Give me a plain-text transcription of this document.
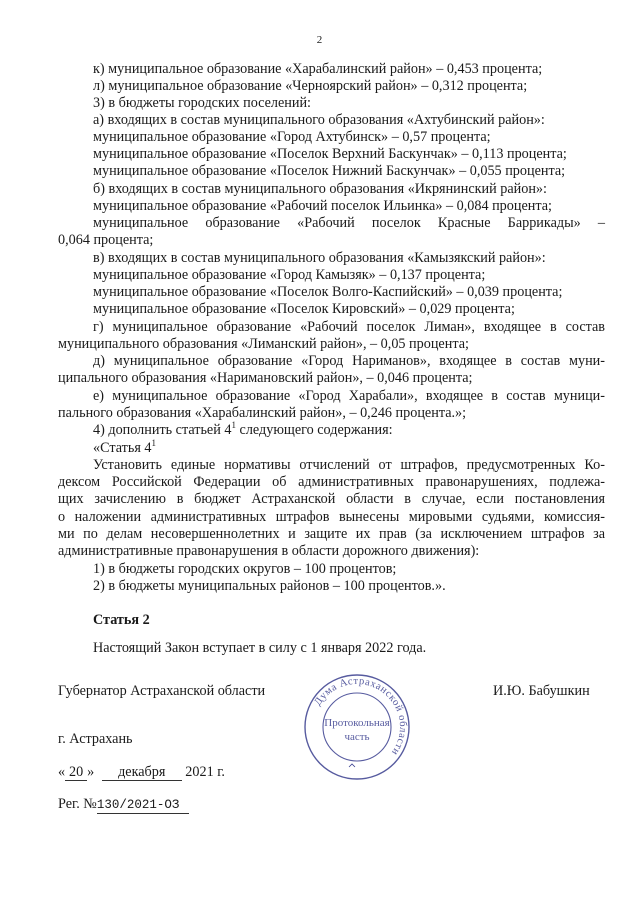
2
к) муниципальное образование «Харабалинский район» – 0,453 процента;
л) муниципальное образование «Черноярский район» – 0,312 процента;
3) в бюджеты городских поселений:
а) входящих в состав муниципального образования «Ахтубинский район»:
муниципальное образование «Город Ахтубинск» – 0,57 процента;
муниципальное образование «Поселок Верхний Баскунчак» – 0,113 процента;
муниципальное образование «Поселок Нижний Баскунчак» – 0,055 процента;
б) входящих в состав муниципального образования «Икрянинский район»:
муниципальное образование «Рабочий поселок Ильинка» – 0,084 процента;
муниципальное образование «Рабочий поселок Красные Баррикады» –
0,064 процента;
в) входящих в состав муниципального образования «Камызякский район»:
муниципальное образование «Город Камызяк» – 0,137 процента;
муниципальное образование «Поселок Волго-Каспийский» – 0,039 процента;
муниципальное образование «Поселок Кировский» – 0,029 процента;
г) муниципальное образование «Рабочий поселок Лиман», входящее в состав
муниципального образования «Лиманский район», – 0,05 процента;
д) муниципальное образование «Город Нариманов», входящее в состав муни-
ципального образования «Наримановский район», – 0,046 процента;
е) муниципальное образование «Город Харабали», входящее в состав муници-
пального образования «Харабалинский район», – 0,246 процента.»;
4) дополнить статьей $4^1$ следующего содержания:
«Статья $4^1$
Установить единые нормативы отчислений от штрафов, предусмотренных Ко-
дексом Российской Федерации об административных правонарушениях, подлежа-
щих зачислению в бюджет Астраханской области в случае, если постановления
о наложении административных штрафов вынесены мировыми судьями, комиссия-
ми по делам несовершеннолетних и защите их прав (за исключением штрафов за
административные правонарушения в области дорожного движения):
1) в бюджеты городских округов – 100 процентов;
2) в бюджеты муниципальных районов – 100 процентов.».
Статья 2
Настоящий Закон вступает в силу с 1 января 2022 года.
Губернатор Астраханской области	И.Ю. Бабушкин
г. Астрахань
« 20 » декабря 2021 г.
Рег. №130/2021-ОЗ
Дума Астраханской области
Протокольная
часть
